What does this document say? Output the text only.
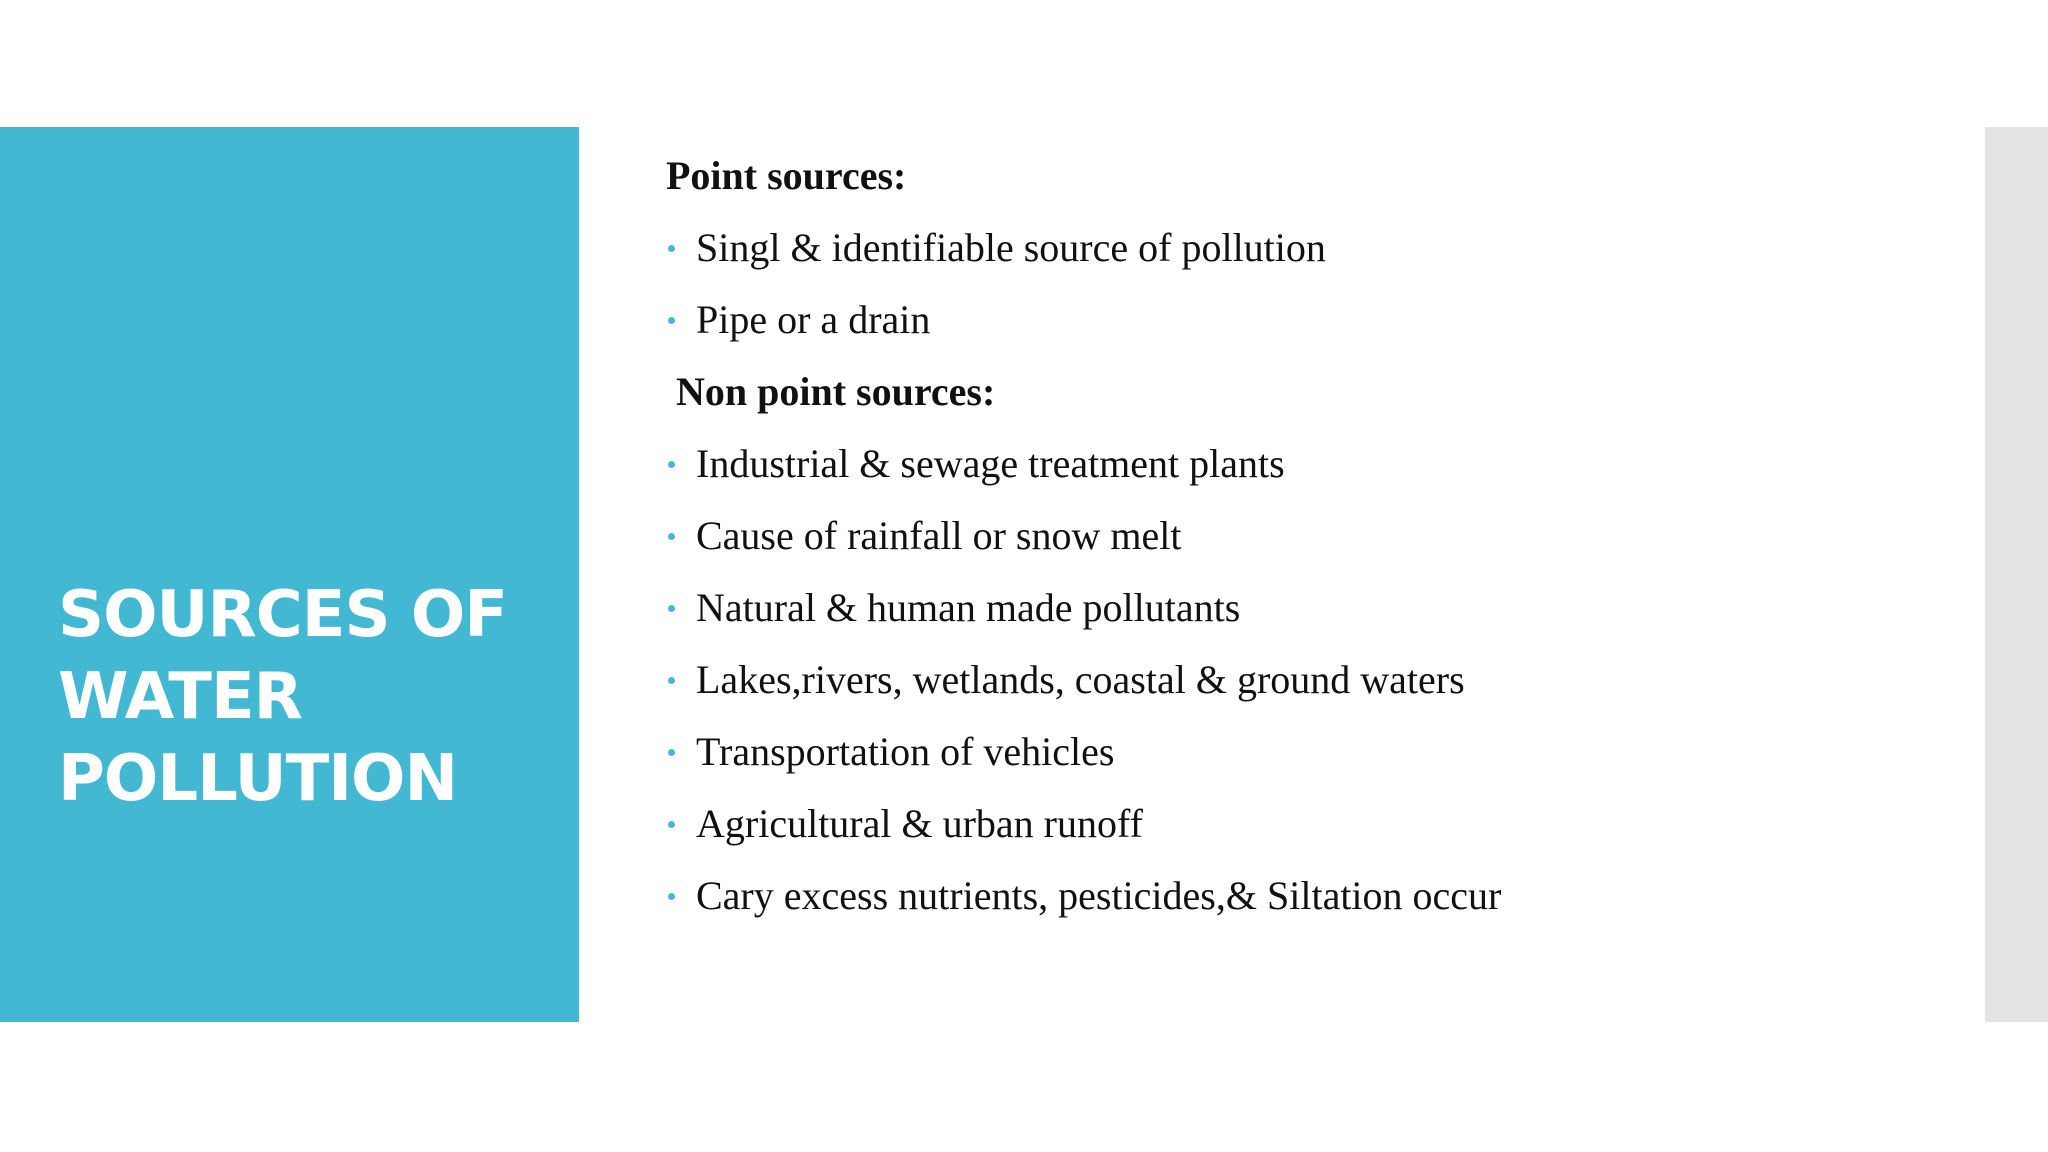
SOURCES OF
WATER
POLLUTION
Point sources:
Singl & identifiable source of pollution
Pipe or a drain
Non point sources:
Industrial & sewage treatment plants
Cause of rainfall or snow melt
Natural & human made pollutants
Lakes,rivers, wetlands, coastal & ground waters
Transportation of vehicles
Agricultural & urban runoff
Cary excess nutrients, pesticides,& Siltation occur
